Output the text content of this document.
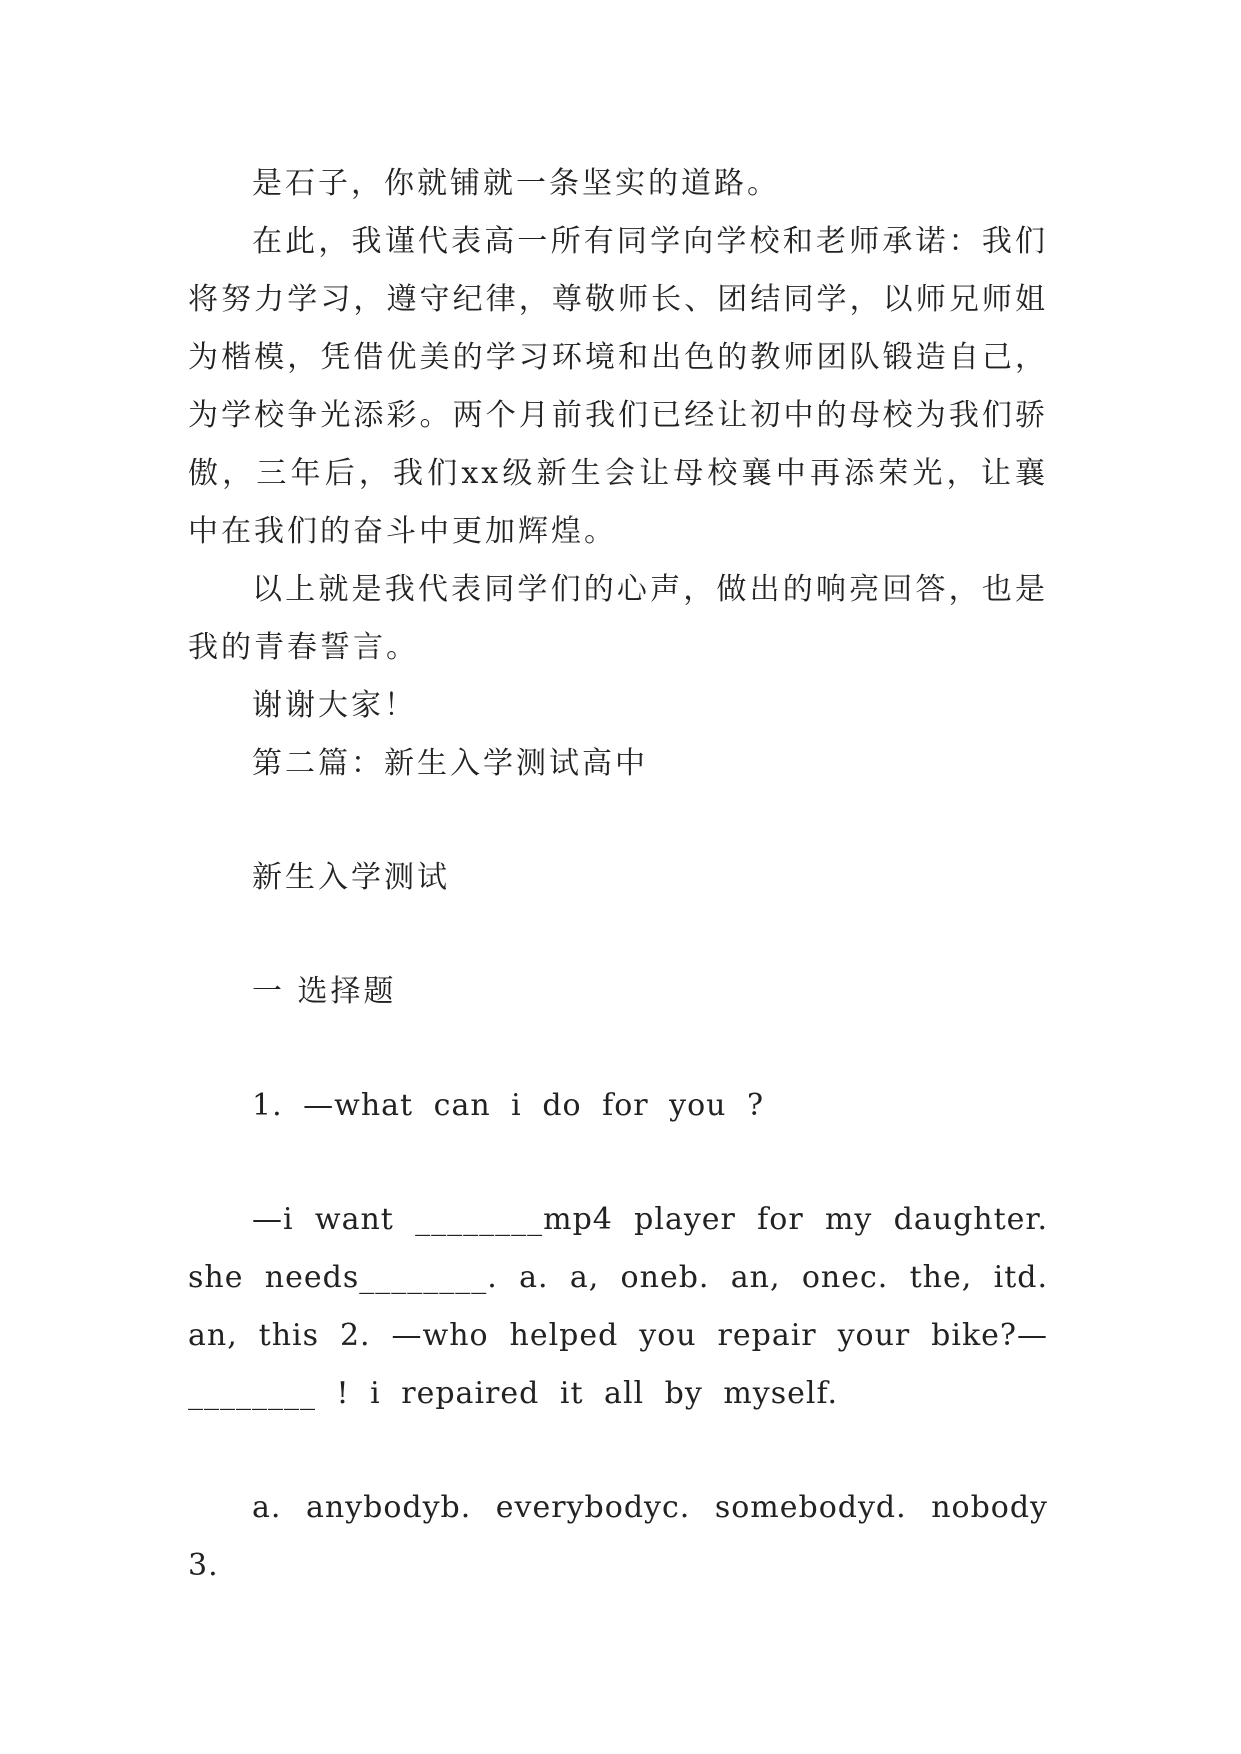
是石子，你就铺就一条坚实的道路。

在此，我谨代表高一所有同学向学校和老师承诺：我们将努力学习，遵守纪律，尊敬师长、团结同学，以师兄师姐为楷模，凭借优美的学习环境和出色的教师团队锻造自己，为学校争光添彩。两个月前我们已经让初中的母校为我们骄傲，三年后，我们xx级新生会让母校襄中再添荣光，让襄中在我们的奋斗中更加辉煌。

以上就是我代表同学们的心声，做出的响亮回答，也是我的青春誓言。

谢谢大家！

第二篇：新生入学测试高中

新生入学测试

一 选择题

1. —what can i do for you ?

—i want ________mp4 player for my daughter. she needs________. a. a, oneb. an, onec. the, itd. an, this 2. —who helped you repair your bike?—________ ! i repaired it all by myself.

a. anybodyb. everybodyc. somebodyd. nobody 3.
